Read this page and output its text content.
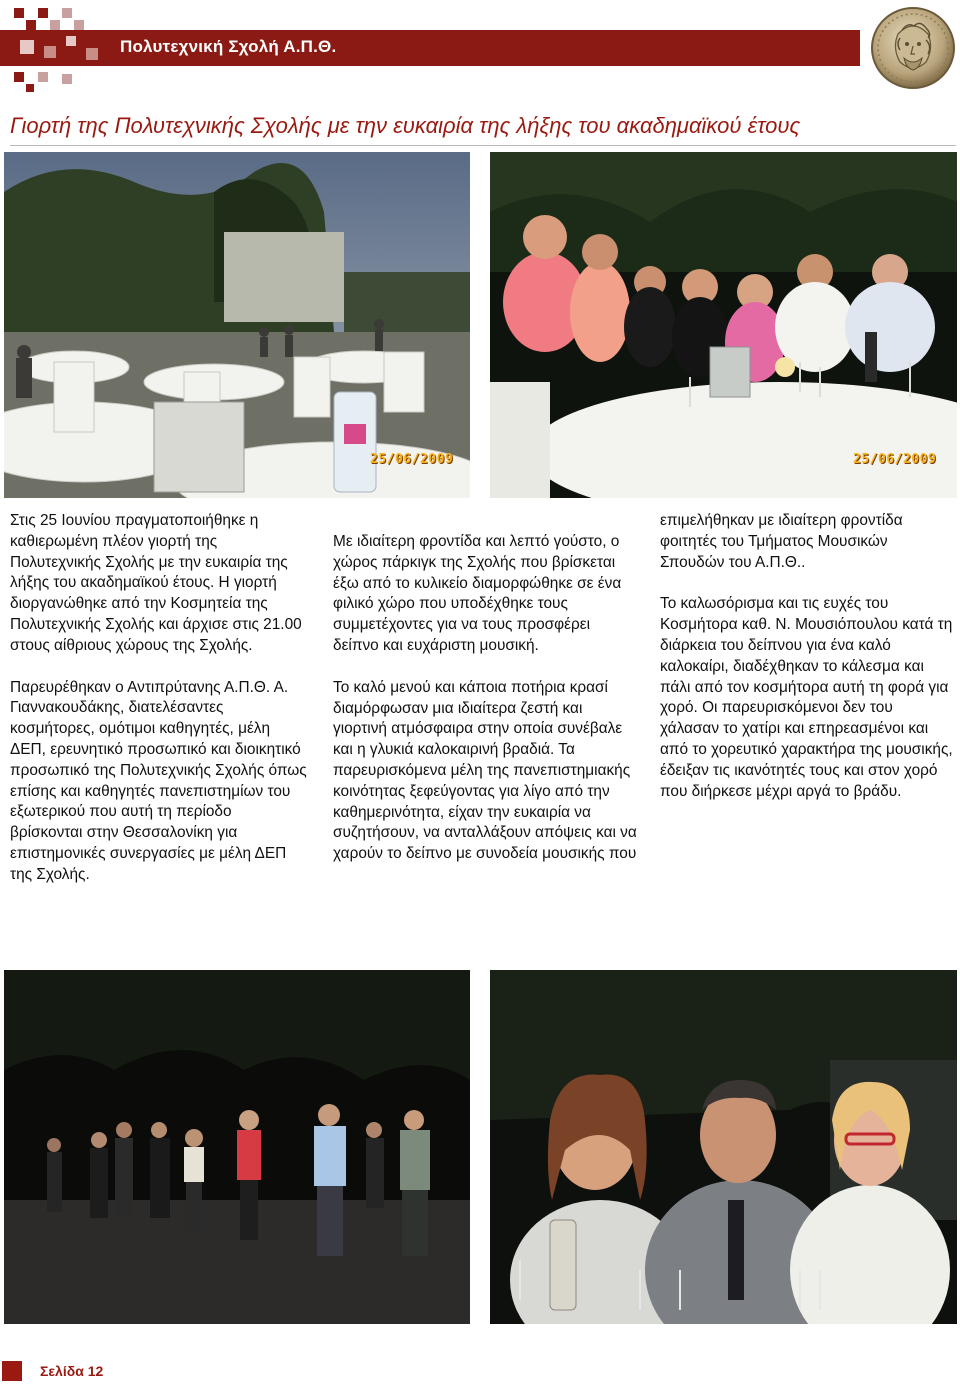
Πολυτεχνική Σχολή Α.Π.Θ.
Γιορτή της Πολυτεχνικής Σχολής με την ευκαιρία της λήξης του ακαδημαϊκού έτους
25/06/2009	25/06/2009

Στις 25 Ιουνίου πραγματοποιήθηκε η καθιερωμένη πλέον γιορτή της Πολυτεχνικής Σχολής με την ευκαιρία της λήξης του ακαδημαϊκού έτους. Η γιορτή διοργανώθηκε από την Κοσμητεία της Πολυτεχνικής Σχολής και άρχισε στις 21.00 στους αίθριους χώρους της Σχολής.

Παρευρέθηκαν ο Αντιπρύτανης Α.Π.Θ. Α. Γιαννακουδάκης, διατελέσαντες κοσμήτορες, ομότιμοι καθηγητές, μέλη ΔΕΠ, ερευνητικό προσωπικό και διοικητικό προσωπικό της Πολυτεχνικής Σχολής όπως επίσης και καθηγητές πανεπιστημίων του εξωτερικού που αυτή τη περίοδο βρίσκονται στην Θεσσαλονίκη για επιστημονικές συνεργασίες με μέλη ΔΕΠ της Σχολής.

Με ιδιαίτερη φροντίδα και λεπτό γούστο, ο χώρος πάρκιγκ της Σχολής που βρίσκεται έξω από το κυλικείο διαμορφώθηκε σε ένα φιλικό χώρο που υποδέχθηκε τους συμμετέχοντες για να τους προσφέρει δείπνο και ευχάριστη μουσική.

Το καλό μενού και κάποια ποτήρια κρασί διαμόρφωσαν μια ιδιαίτερα ζεστή και γιορτινή ατμόσφαιρα στην οποία συνέβαλε και η γλυκιά καλοκαιρινή βραδιά. Τα παρευρισκόμενα μέλη της πανεπιστημιακής κοινότητας ξεφεύγοντας για λίγο από την καθημερινότητα, είχαν την ευκαιρία να συζητήσουν, να ανταλλάξουν απόψεις και να χαρούν το δείπνο με συνοδεία μουσικής που

επιμελήθηκαν με ιδιαίτερη φροντίδα φοιτητές του Τμήματος Μουσικών Σπουδών του Α.Π.Θ..

Το καλωσόρισμα και τις ευχές του Κοσμήτορα καθ. Ν. Μουσιόπουλου κατά τη διάρκεια του δείπνου για ένα καλό καλοκαίρι, διαδέχθηκαν το κάλεσμα και πάλι από τον κοσμήτορα αυτή τη φορά για χορό. Οι παρευρισκόμενοι δεν του χάλασαν το χατίρι και επηρεασμένοι και από το χορευτικό χαρακτήρα της μουσικής, έδειξαν τις ικανότητές τους και στον χορό που διήρκεσε μέχρι αργά το βράδυ.

Σελίδα 12
